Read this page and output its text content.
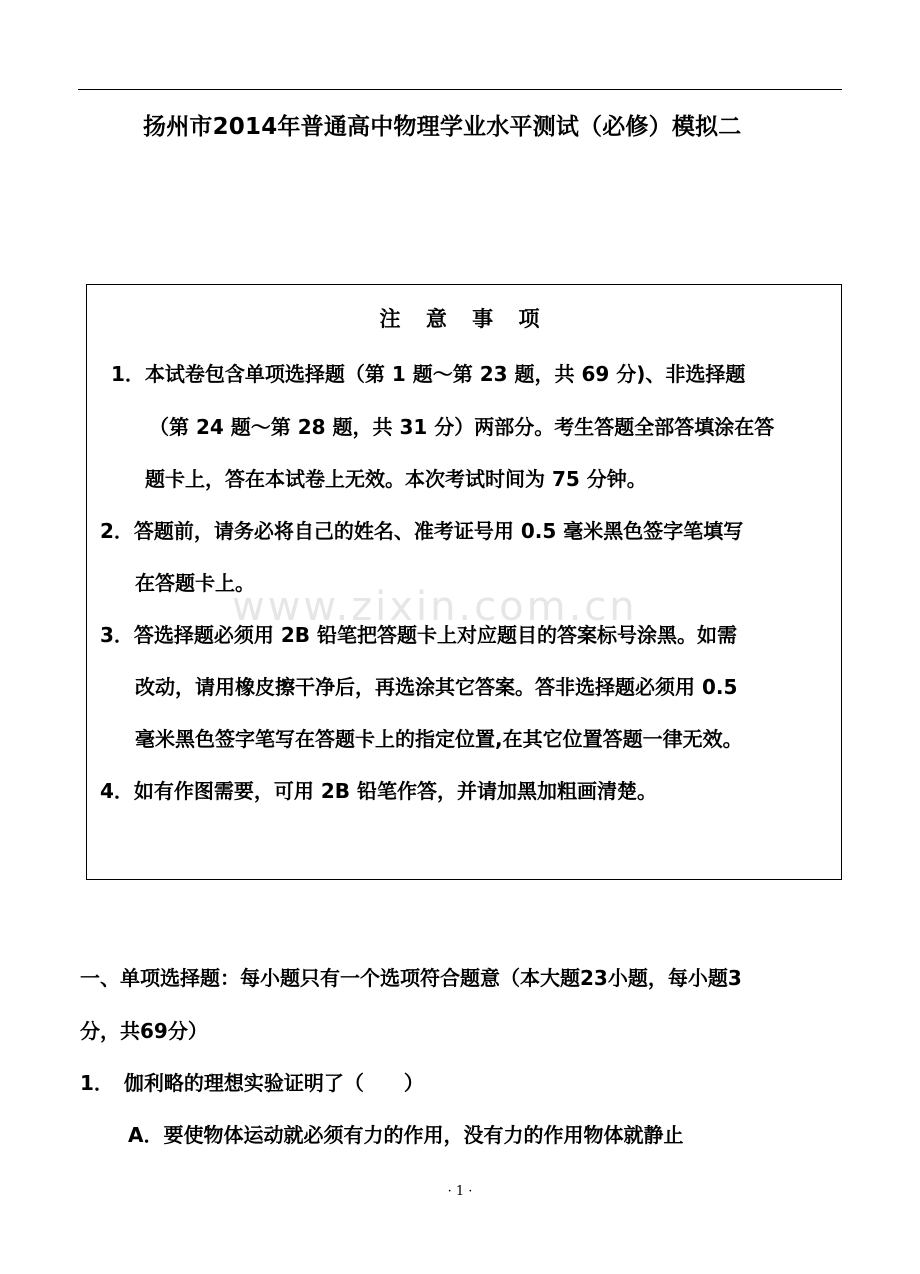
扬州市2014年普通高中物理学业水平测试（必修）模拟二
www.zixin.com.cn
注 意 事 项
1．本试卷包含单项选择题（第 1 题～第 23 题，共 69 分)、非选择题
（第 24 题～第 28 题，共 31 分）两部分。考生答题全部答填涂在答
题卡上，答在本试卷上无效。本次考试时间为 75 分钟。
2．答题前，请务必将自己的姓名、准考证号用 0.5 毫米黑色签字笔填写
在答题卡上。
3．答选择题必须用 2B 铅笔把答题卡上对应题目的答案标号涂黑。如需
改动，请用橡皮擦干净后，再选涂其它答案。答非选择题必须用 0.5
毫米黑色签字笔写在答题卡上的指定位置,在其它位置答题一律无效。
4．如有作图需要，可用 2B 铅笔作答，并请加黑加粗画清楚。
一、单项选择题：每小题只有一个选项符合题意（本大题23小题，每小题3
分，共69分）
1．　伽利略的理想实验证明了（　　）
A．要使物体运动就必须有力的作用，没有力的作用物体就静止
· 1 ·
